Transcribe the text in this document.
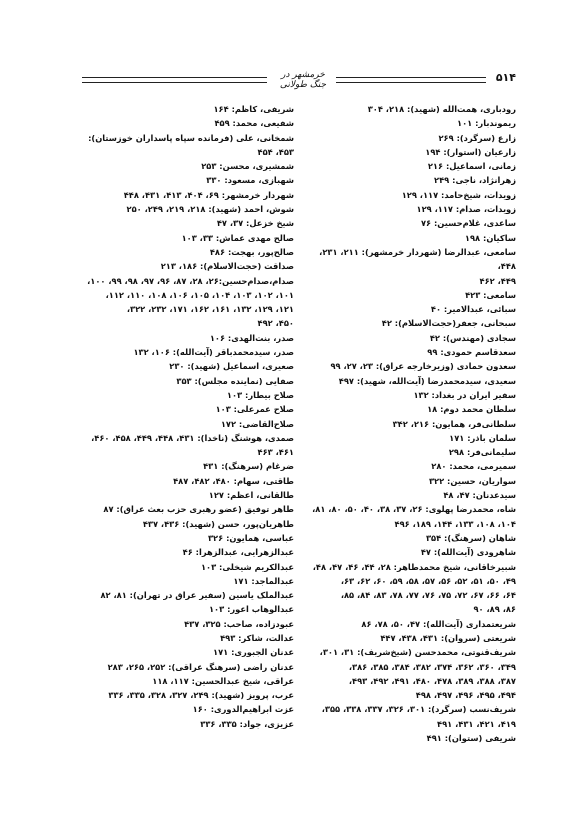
خرمشهر در جنگ طولانی
۵۱۴
رودباری، همت‌الله (شهید): ۲۱۸، ۳۰۴
ریموندبار: ۱۰۱
زارع (سرگرد): ۲۶۹
زارعیان (استوار): ۱۹۴
زمانی، اسماعیل: ۲۱۶
زهرانژاد، ناجی: ۲۴۹
زویدات، شیخ‌حامد: ۱۱۷، ۱۲۹
زویدات، صدام: ۱۱۷، ۱۲۹
ساعدی، غلام‌حسین: ۷۶
ساکیان: ۱۹۸
سامعی، عبدالرضا (شهردار خرمشهر): ۲۱۱، ۲۳۱، ۴۴۸،
۴۴۹، ۴۶۲
سامعی: ۴۲۳
سبائی، عبدالامیر: ۴۰
سبحانی، جعفر(حجت‌الاسلام): ۴۲
سجادی (مهندس): ۴۲
سعدقاسم حمودی: ۹۹
سعدون حمادی (وزیرخارجه عراق): ۲۳، ۲۷، ۹۹
سعیدی، سیدمحمدرضا (آیت‌الله، شهید): ۴۹۷
سفیر ایران در بغداد: ۱۳۲
سلطان محمد دوم: ۱۸
سلطانی‌فر، همایون: ۲۱۶، ۳۴۲
سلمان باذر: ۱۷۱
سلیمانی‌فر: ۲۹۸
سمیرمی، محمد: ۲۸۰
سواریان، حسین: ۳۲۲
سیدعدنان: ۴۷، ۴۸
شاه، محمدرضا پهلوی: ۲۶، ۳۷، ۳۸، ۴۰، ۵۰، ۸۰، ۸۱،
۱۰۴، ۱۰۸، ۱۳۳، ۱۴۴، ۱۸۹، ۴۹۶
شاهان (سرهنگ): ۳۵۴
شاهرودی (آیت‌الله): ۴۷
شبیرخاقانی، شیخ محمدطاهر: ۲۸، ۴۴، ۴۶، ۴۷، ۴۸،
۴۹، ۵۰، ۵۱، ۵۲، ۵۶، ۵۷، ۵۸، ۵۹، ۶۰، ۶۲، ۶۳،
۶۴، ۶۶، ۶۷، ۷۲، ۷۵، ۷۶، ۷۷، ۷۸، ۸۳، ۸۴، ۸۵،
۸۶، ۸۹، ۹۰
شریعتمداری (آیت‌الله): ۴۷، ۵۰، ۷۸، ۸۶
شریعتی (سروان): ۴۳۱، ۴۳۸، ۴۴۷
شریف‌قنوتی، محمدحسن (شیخ‌شریف): ۳۱، ۳۰۱،
۳۴۹، ۳۶۰، ۳۶۲، ۳۷۴، ۳۸۲، ۳۸۴، ۳۸۵، ۳۸۶،
۳۸۷، ۳۸۸، ۳۸۹، ۴۷۸، ۴۸۰، ۴۹۱، ۴۹۲، ۴۹۳،
۴۹۴، ۴۹۵، ۴۹۶، ۴۹۷، ۴۹۸
شریف‌نسب (سرگرد): ۳۰۱، ۳۲۶، ۳۳۷، ۳۳۸، ۳۵۵،
۴۱۹، ۴۲۱، ۴۳۱، ۴۹۱
شریفی (ستوان): ۴۹۱
شریفی، کاظم: ۱۶۴
شفیعی، محمد: ۴۵۹
شمخانی، علی (فرمانده سپاه پاسداران خوزستان):
۴۵۳، ۴۵۴
شمشیری، محسن: ۲۵۳
شهبازی، مسعود: ۳۳۰
شهردار خرمشهر: ۶۹، ۴۰۴، ۴۱۳، ۴۳۱، ۴۴۸
شوش، احمد (شهید): ۲۱۸، ۲۱۹، ۲۴۹، ۲۵۰
شیخ خزعل: ۳۷، ۴۷
صالح مهدی عماش: ۳۳، ۱۰۳
صالح‌پور، بهجت: ۴۸۶
صداقت (حجت‌الاسلام): ۱۸۶، ۲۱۳
صدام،صدام‌حسین:۲۶، ۲۸، ۸۷، ۹۶، ۹۷، ۹۸، ۹۹، ۱۰۰،
۱۰۱، ۱۰۲، ۱۰۳، ۱۰۴، ۱۰۵، ۱۰۶، ۱۰۸، ۱۱۰، ۱۱۲،
۱۲۱، ۱۲۹، ۱۳۲، ۱۶۱، ۱۶۲، ۱۷۱، ۲۳۲، ۳۲۲،
۴۵۰، ۴۹۲
صدر، بنت‌الهدی: ۱۰۶
صدر، سیدمحمدباقر (آیت‌الله): ۱۰۶، ۱۳۲
صعیری، اسماعیل (شهید): ۲۳۰
صفایی (نماینده مجلس): ۳۵۳
صلاح بیطار: ۱۰۳
صلاح عمرعلی: ۱۰۳
صلاح‌القاضی: ۱۷۲
صمدی، هوشنگ (ناخدا): ۴۳۱، ۴۴۸، ۴۴۹، ۴۵۸، ۴۶۰،
۴۶۱، ۴۶۳
ضرغام (سرهنگ): ۴۳۱
طاقتی، سهام: ۴۸۰، ۴۸۲، ۴۸۷
طالقانی، اعظم: ۱۲۷
طاهر توفیق (عضو رهبری حزب بعث عراق): ۸۷
طاهریان‌پور، حسن (شهید): ۴۳۶، ۴۳۷
عباسی، همایون: ۳۲۶
عبدالزهرایی، عبدالزهرا: ۴۶
عبدالکریم شیخلی: ۱۰۳
عبدالماجد: ۱۷۱
عبدالملک یاسین (سفیر عراق در تهران): ۸۱، ۸۲
عبدالوهاب اعور: ۱۰۳
عبودزاده، صاحب: ۳۲۵، ۴۳۷
عدالت، شاکر: ۴۹۳
عدنان الجبوری: ۱۷۱
عدنان راضی (سرهنگ عراقی): ۲۵۲، ۲۶۵، ۲۸۳
عراقی، شیخ عبدالحسین: ۱۱۷، ۱۱۸
عرب، پرویز (شهید): ۲۴۹، ۳۲۷، ۳۲۸، ۳۳۵، ۳۳۶
عزت ابراهیم‌الدوری: ۱۶۰
عزیزی، جواد: ۳۳۵، ۳۳۶
